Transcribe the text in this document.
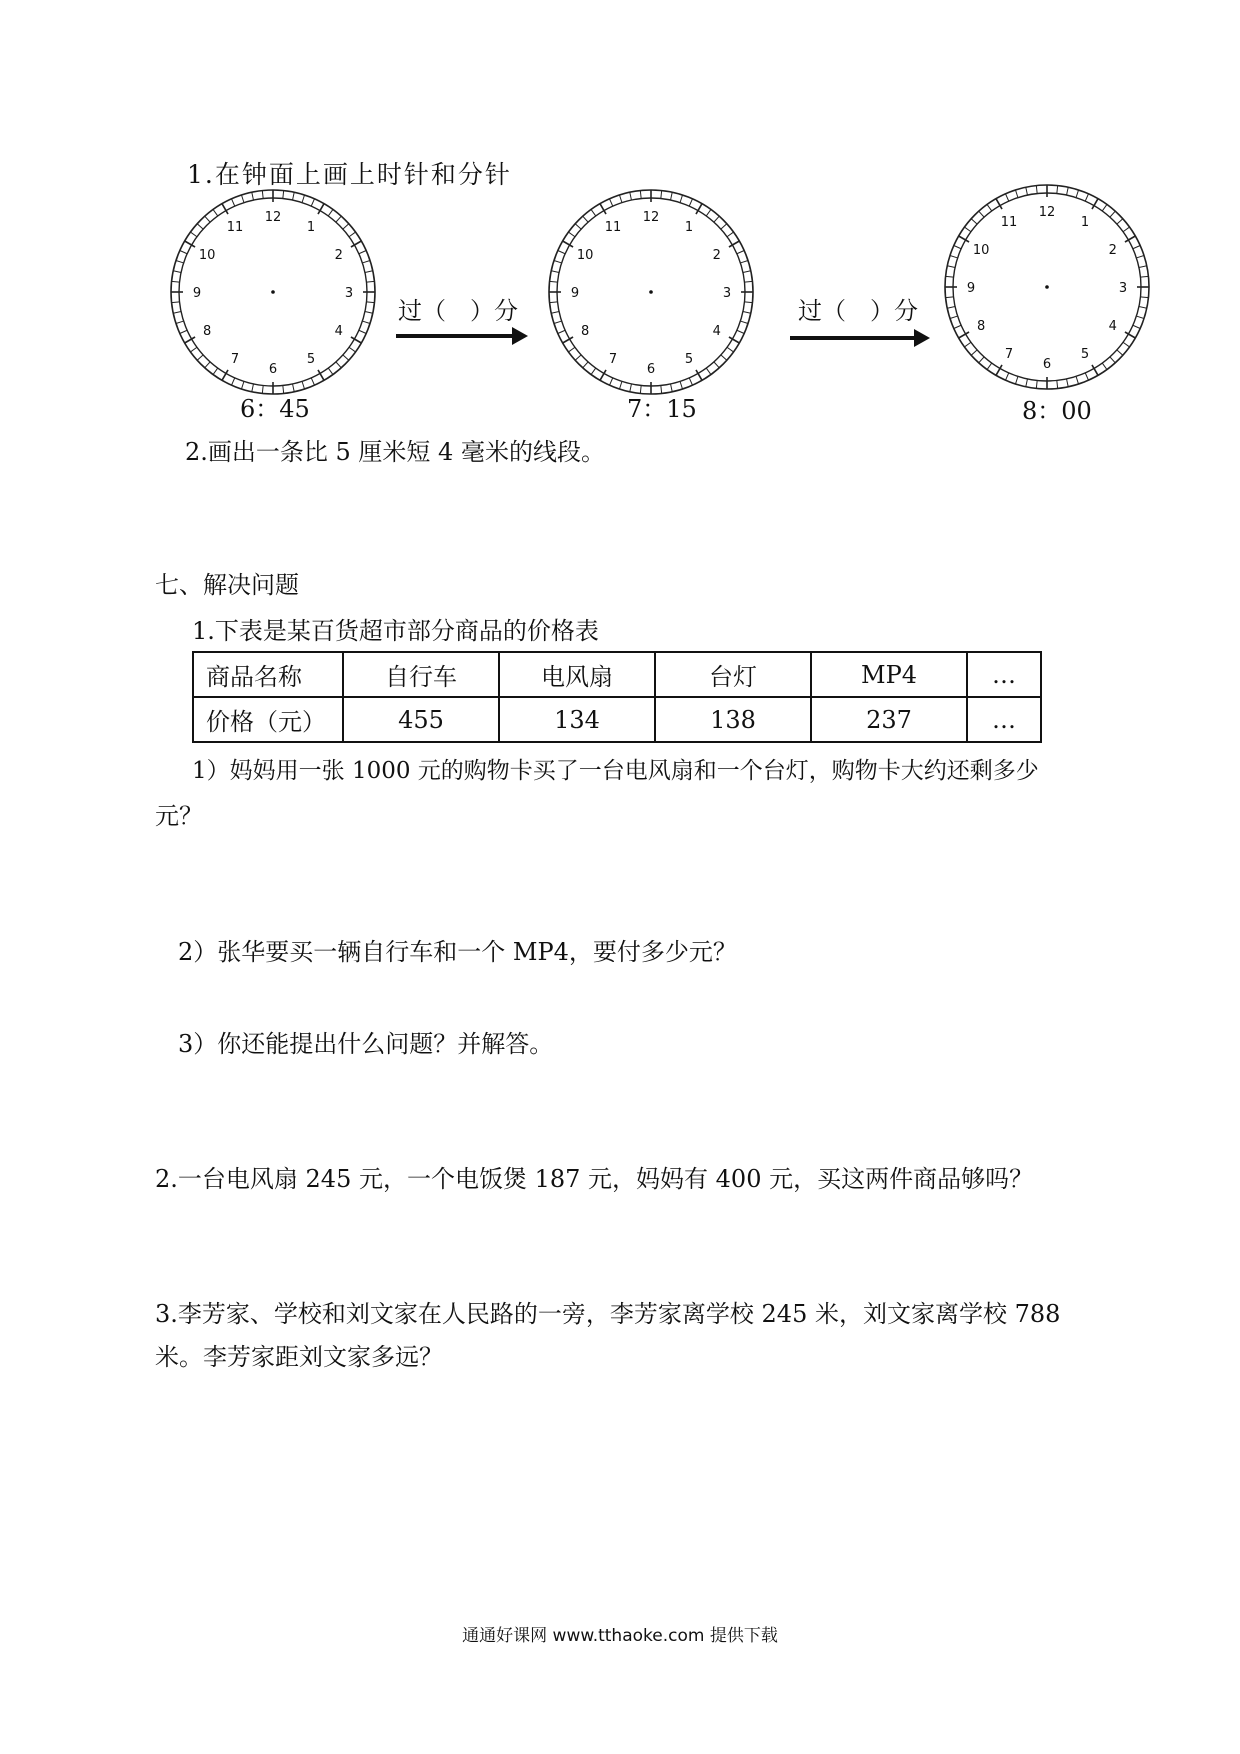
1.在钟面上画上时针和分针
12
1
2
3
4
5
6
7
8
9
10
11
6：45
过（　）分
12
1
2
3
4
5
6
7
8
9
10
11
7：15
过（　）分
12
1
2
3
4
5
6
7
8
9
10
11
8：00
2.画出一条比 5 厘米短 4 毫米的线段。
七、解决问题
1.下表是某百货超市部分商品的价格表
商品名称	自行车	电风扇	台灯	MP4	…
价格（元）	455	134	138	237	…
1）妈妈用一张 1000 元的购物卡买了一台电风扇和一个台灯，购物卡大约还剩多少
元？
2）张华要买一辆自行车和一个 MP4，要付多少元？
3）你还能提出什么问题？并解答。
2.一台电风扇 245 元，一个电饭煲 187 元，妈妈有 400 元，买这两件商品够吗？
3.李芳家、学校和刘文家在人民路的一旁，李芳家离学校 245 米，刘文家离学校 788
米。李芳家距刘文家多远？
通通好课网 www.tthaoke.com 提供下载
